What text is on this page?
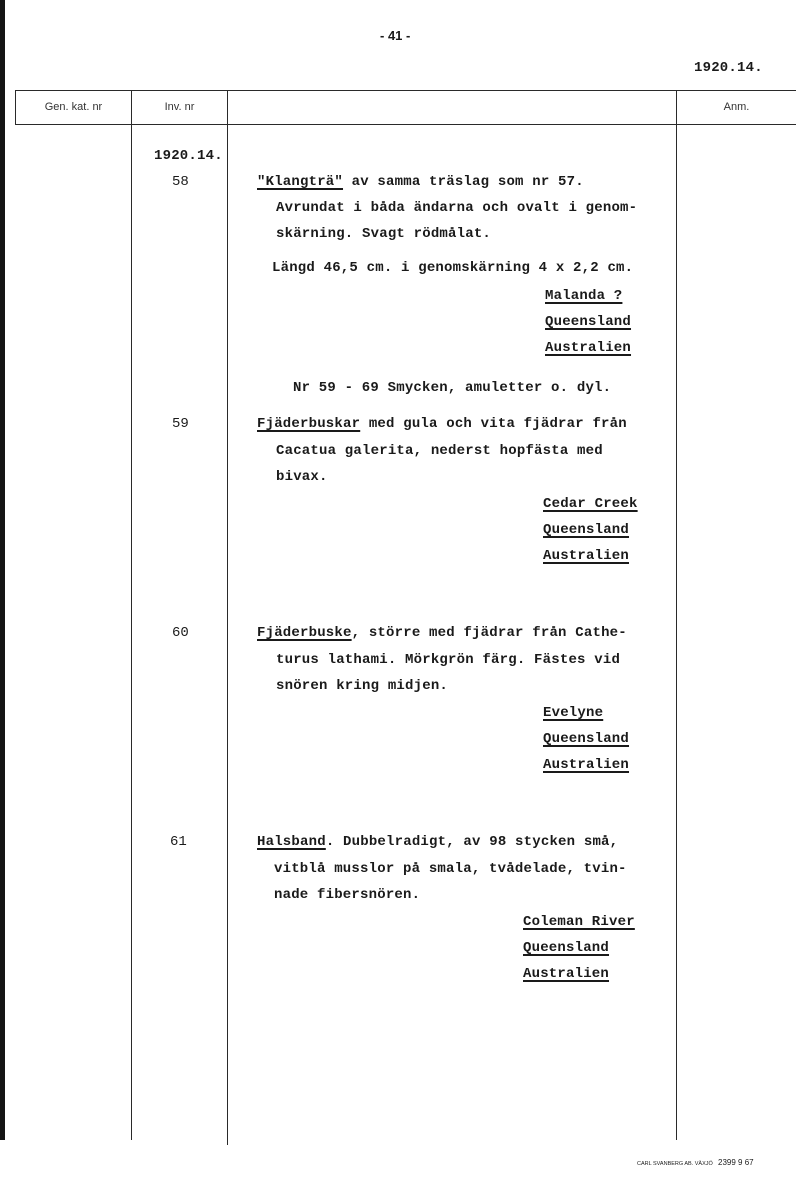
- 41 -
1920.14.
Gen. kat. nr	Inv. nr	Anm.
1920.14.
58	"Klangträ" av samma träslag som nr 57.
Avrundat i båda ändarna och ovalt i genom-
skärning. Svagt rödmålat.
Längd 46,5 cm. i genomskärning 4 x 2,2 cm.
Malanda ?
Queensland
Australien
Nr 59 - 69 Smycken, amuletter o. dyl.
59	Fjäderbuskar med gula och vita fjädrar från
Cacatua galerita, nederst hopfästa med
bivax.
Cedar Creek
Queensland
Australien
60	Fjäderbuske, större med fjädrar från Cathe-
turus lathami. Mörkgrön färg. Fästes vid
snören kring midjen.
Evelyne
Queensland
Australien
61	Halsband. Dubbelradigt, av 98 stycken små,
vitblå musslor på smala, tvådelade, tvin-
nade fibersnören.
Coleman River
Queensland
Australien
CARL SVANBERG AB. VÄXJÖ 2399 9 67
